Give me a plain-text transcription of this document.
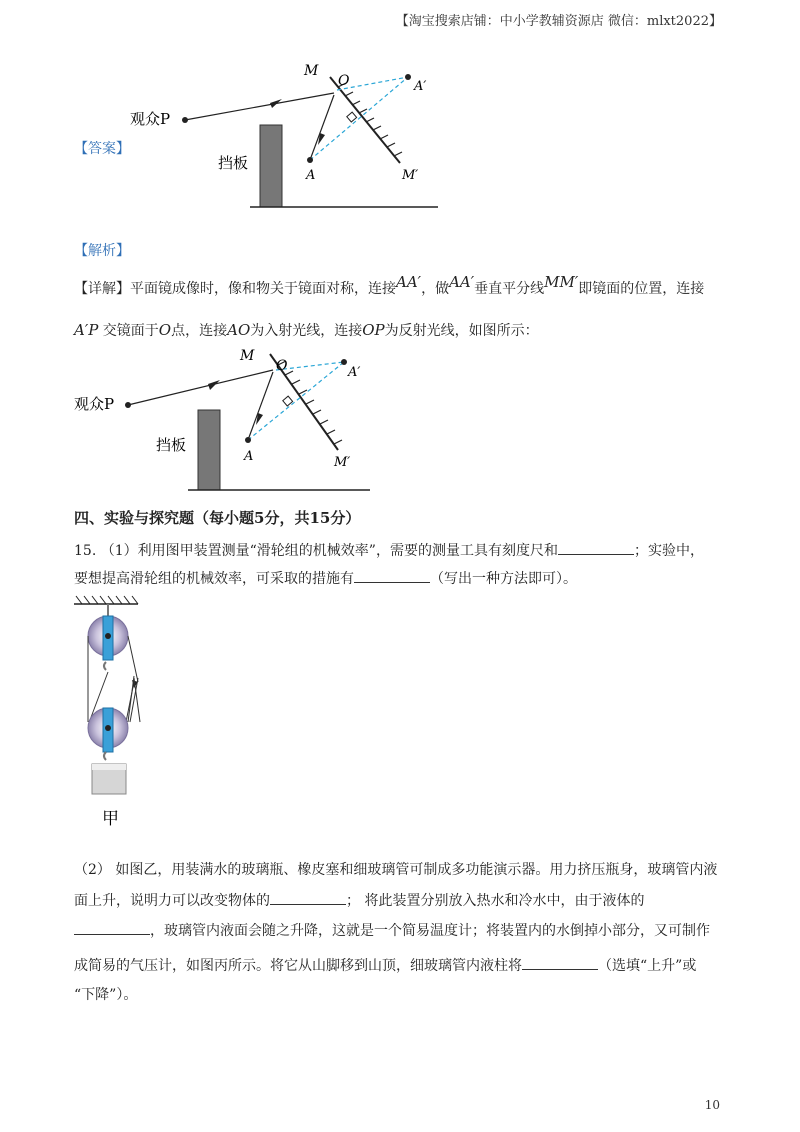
【淘宝搜索店铺：中小学教辅资源店 微信：mlxt2022】
【答案】
M
O	A′
A	M′
观众P
挡板
【解析】
【详解】平面镜成像时，像和物关于镜面对称，连接AA′，做AA′垂直平分线MM′即镜面的位置，连接
A′P 交镜面于O点，连接AO为入射光线，连接OP为反射光线，如图所示：
M
O	A′
A	M′
观众P
挡板
四、实验与探究题（每小题5分，共15分）
15. （1）利用图甲装置测量“滑轮组的机械效率”，需要的测量工具有刻度尺和	；实验中，
要想提高滑轮组的机械效率，可采取的措施有	（写出一种方法即可）。
甲
（2） 如图乙，用装满水的玻璃瓶、橡皮塞和细玻璃管可制成多功能演示器。用力挤压瓶身，玻璃管内液
面上升，说明力可以改变物体的	； 将此装置分别放入热水和冷水中，由于液体的
，玻璃管内液面会随之升降，这就是一个简易温度计；将装置内的水倒掉小部分，又可制作
成简易的气压计，如图丙所示。将它从山脚移到山顶，细玻璃管内液柱将	（选填“上升”或
“下降”）。
10
